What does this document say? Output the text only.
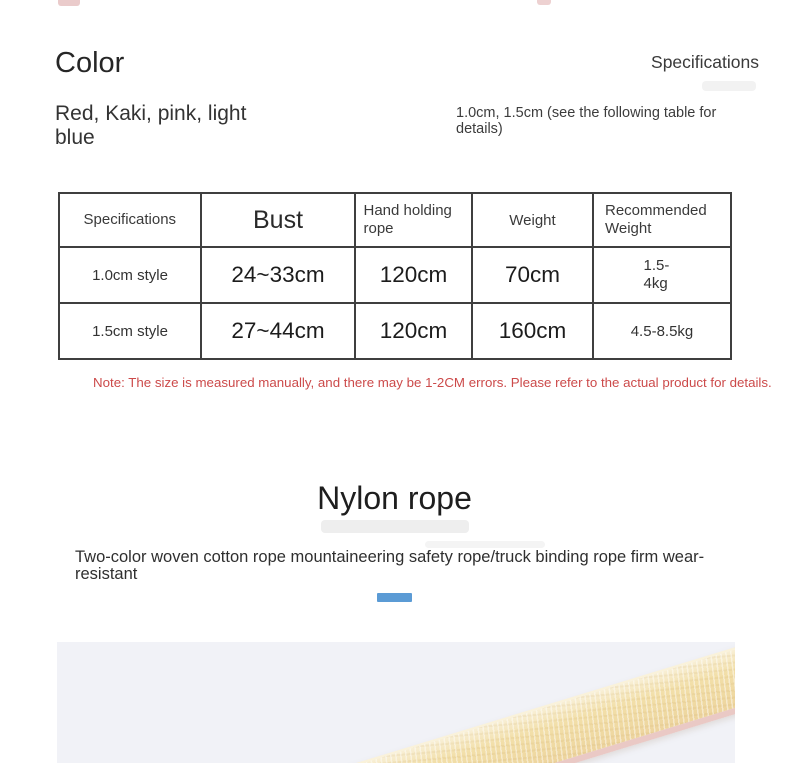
Color
Red, Kaki, pink, light blue
Specifications
1.0cm, 1.5cm (see the following table for details)
Specifications	Bust	Hand holding rope	Weight	Recommended Weight
1.0cm style	24~33cm	120cm	70cm	1.5-4kg
1.5cm style	27~44cm	120cm	160cm	4.5-8.5kg
Note: The size is measured manually, and there may be 1-2CM errors. Please refer to the actual product for details.
Nylon rope
Two-color woven cotton rope mountaineering safety rope/truck binding rope firm wear-resistant
